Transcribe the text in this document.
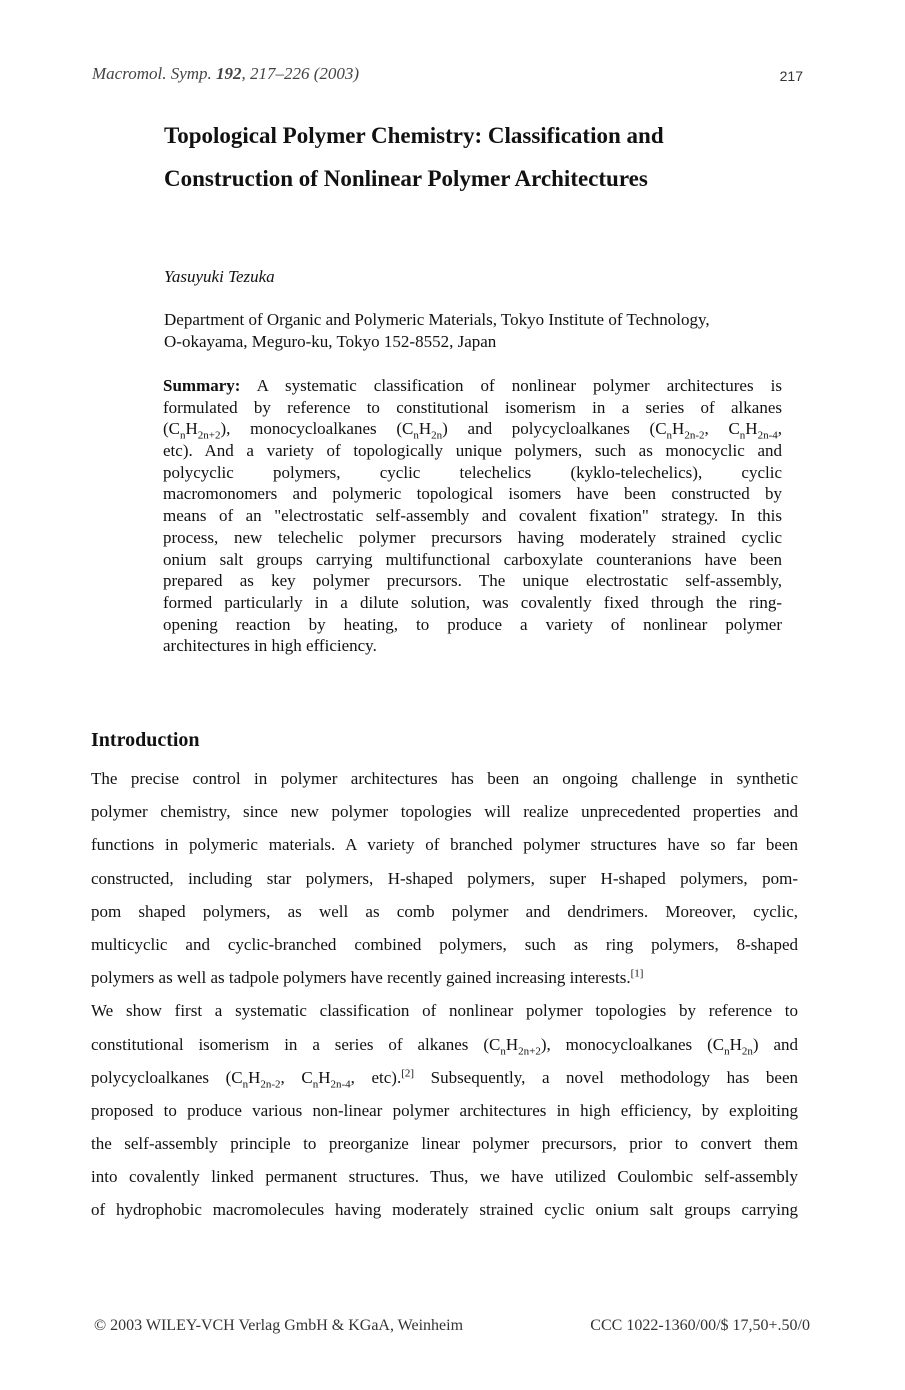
Macromol. Symp. 192, 217–226 (2003)	217
Topological Polymer Chemistry: Classification and
Construction of Nonlinear Polymer Architectures
Yasuyuki Tezuka
Department of Organic and Polymeric Materials, Tokyo Institute of Technology,
O-okayama, Meguro-ku, Tokyo 152-8552, Japan
Summary: A systematic classification of nonlinear polymer architectures is
formulated by reference to constitutional isomerism in a series of alkanes
$(C_nH_{2n+2})$, monocycloalkanes $(C_nH_{2n})$ and polycycloalkanes ($C_nH_{2n-2}$, $C_nH_{2n-4}$,
etc). And a variety of topologically unique polymers, such as monocyclic and
polycyclic polymers, cyclic telechelics (kyklo-telechelics), cyclic
macromonomers and polymeric topological isomers have been constructed by
means of an "electrostatic self-assembly and covalent fixation" strategy. In this
process, new telechelic polymer precursors having moderately strained cyclic
onium salt groups carrying multifunctional carboxylate counteranions have been
prepared as key polymer precursors. The unique electrostatic self-assembly,
formed particularly in a dilute solution, was covalently fixed through the ring-
opening reaction by heating, to produce a variety of nonlinear polymer
architectures in high efficiency.
Introduction
The precise control in polymer architectures has been an ongoing challenge in synthetic
polymer chemistry, since new polymer topologies will realize unprecedented properties and
functions in polymeric materials. A variety of branched polymer structures have so far been
constructed, including star polymers, H-shaped polymers, super H-shaped polymers, pom-
pom shaped polymers, as well as comb polymer and dendrimers. Moreover, cyclic,
multicyclic and cyclic-branched combined polymers, such as ring polymers, 8-shaped
polymers as well as tadpole polymers have recently gained increasing interests.[1]
We show first a systematic classification of nonlinear polymer topologies by reference to
constitutional isomerism in a series of alkanes $(C_nH_{2n+2})$, monocycloalkanes $(C_nH_{2n})$ and
polycycloalkanes ($C_nH_{2n-2}$, $C_nH_{2n-4}$, etc).[2] Subsequently, a novel methodology has been
proposed to produce various non-linear polymer architectures in high efficiency, by exploiting
the self-assembly principle to preorganize linear polymer precursors, prior to convert them
into covalently linked permanent structures. Thus, we have utilized Coulombic self-assembly
of hydrophobic macromolecules having moderately strained cyclic onium salt groups carrying
© 2003 WILEY-VCH Verlag GmbH & KGaA, Weinheim	CCC 1022-1360/00/$ 17,50+.50/0
